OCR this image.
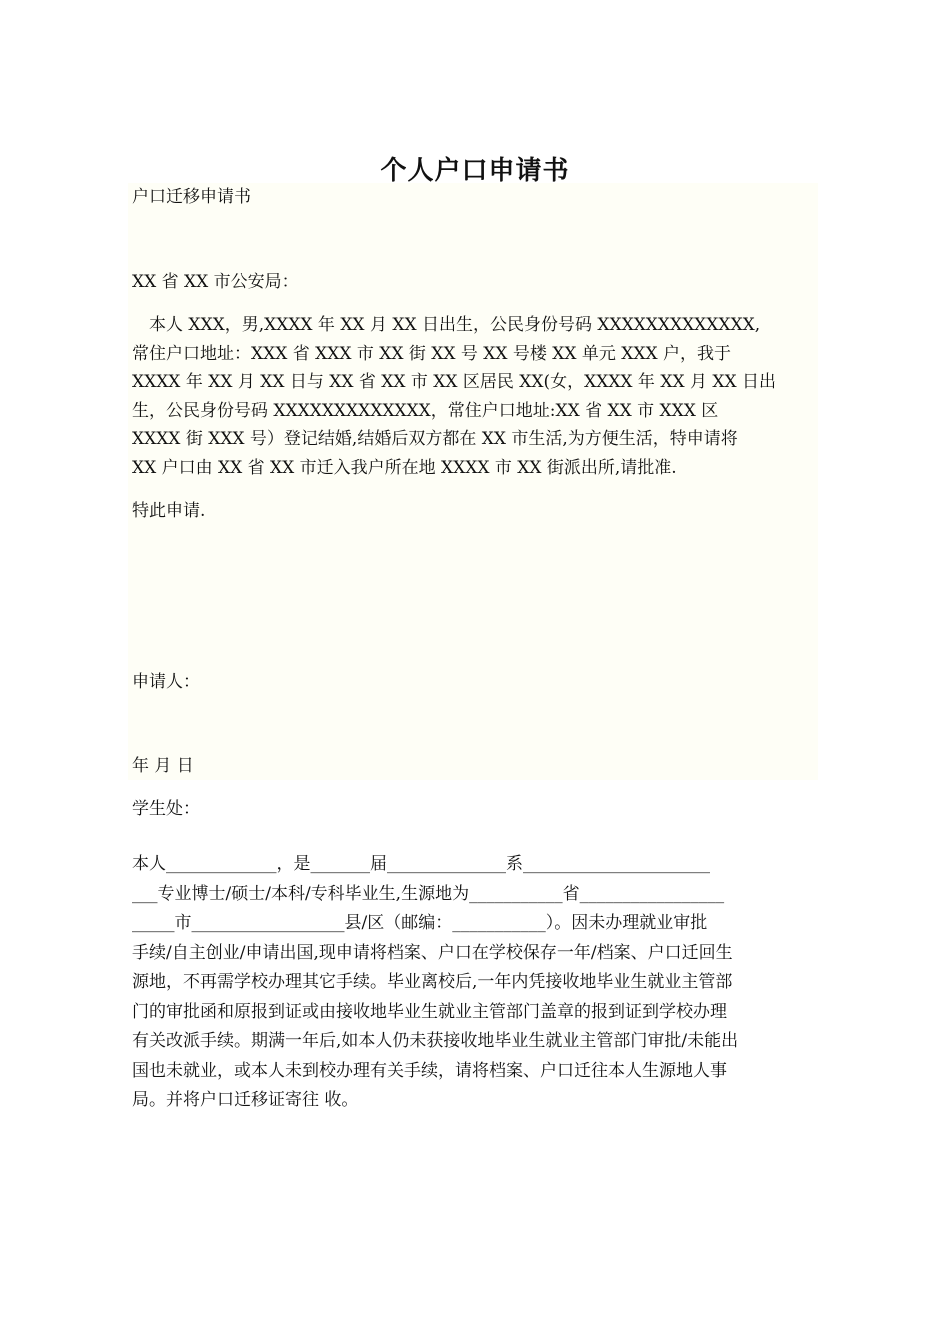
个人户口申请书
户口迁移申请书
XX 省 XX 市公安局：

　本人 XXX，男,XXXX 年 XX 月 XX 日出生，公民身份号码 XXXXXXXXXXXXX,

常住户口地址：XXX 省 XXX 市 XX 街 XX 号 XX 号楼 XX 单元 XXX 户，我于

XXXX 年 XX 月 XX 日与 XX 省 XX 市 XX 区居民 XX(女，XXXX 年 XX 月 XX 日出

生，公民身份号码 XXXXXXXXXXXXX，常住户口地址:XX 省 XX 市 XXX 区

XXXX 街 XXX 号）登记结婚,结婚后双方都在 XX 市生活,为方便生活，特申请将

XX 户口由 XX 省 XX 市迁入我户所在地 XXXX 市 XX 街派出所,请批准.

特此申请.
申请人：
年 月 日
学生处：

本人_____________，是_______届______________系______________________

___专业博士/硕士/本科/专科毕业生,生源地为___________省_________________

_____市__________________县/区（邮编：___________）。因未办理就业审批

手续/自主创业/申请出国,现申请将档案、户口在学校保存一年/档案、户口迁回生

源地，不再需学校办理其它手续。毕业离校后,一年内凭接收地毕业生就业主管部

门的审批函和原报到证或由接收地毕业生就业主管部门盖章的报到证到学校办理

有关改派手续。期满一年后,如本人仍未获接收地毕业生就业主管部门审批/未能出

国也未就业，或本人未到校办理有关手续，请将档案、户口迁往本人生源地人事

局。并将户口迁移证寄往 收。
